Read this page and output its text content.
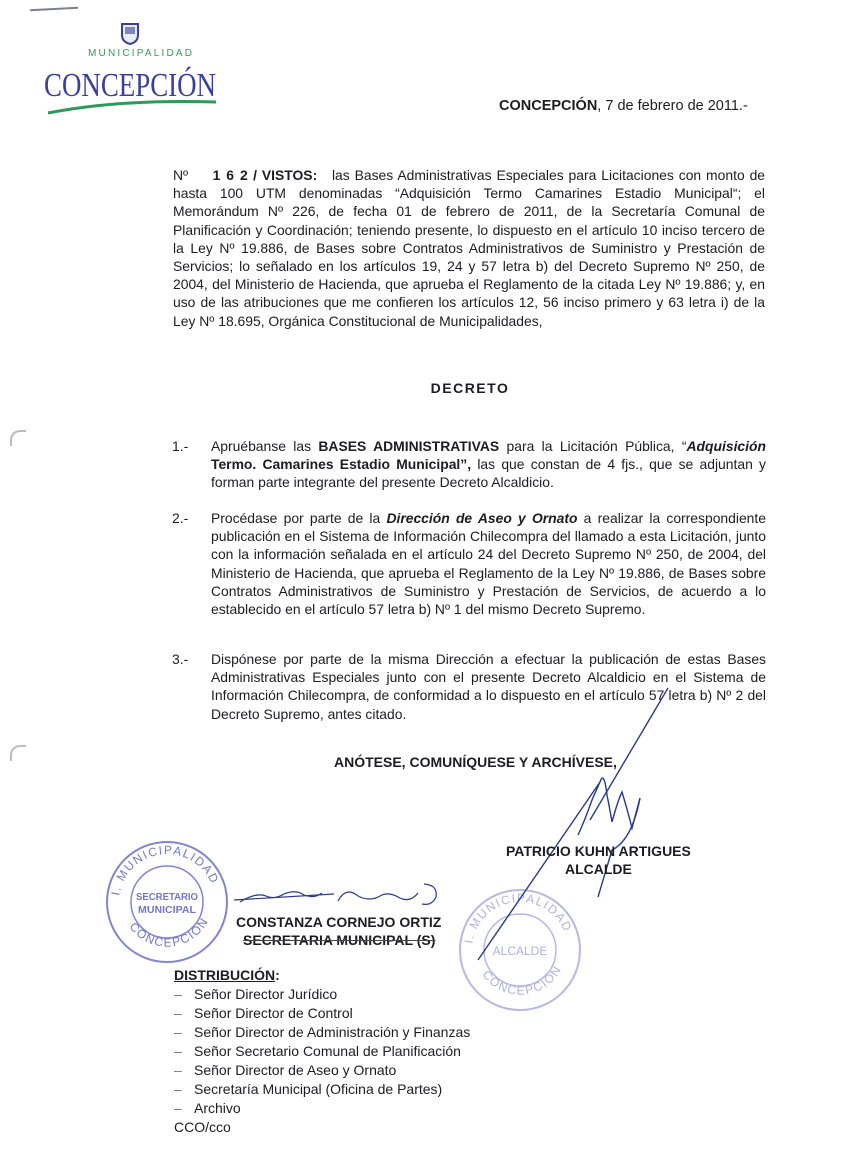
MUNICIPALIDAD
CONCEPCIÓN
CONCEPCIÓN, 7 de febrero de 2011.-
Nº 1 6 2 / VISTOS: las Bases Administrativas Especiales para Licitaciones con monto de hasta 100 UTM denominadas “Adquisición Termo Camarines Estadio Municipal“; el Memorándum Nº 226, de fecha 01 de febrero de 2011, de la Secretaría Comunal de Planificación y Coordinación; teniendo presente, lo dispuesto en el artículo 10 inciso tercero de la Ley Nº 19.886, de Bases sobre Contratos Administrativos de Suministro y Prestación de Servicios; lo señalado en los artículos 19, 24 y 57 letra b) del Decreto Supremo Nº 250, de 2004, del Ministerio de Hacienda, que aprueba el Reglamento de la citada Ley Nº 19.886; y, en uso de las atribuciones que me confieren los artículos 12, 56 inciso primero y 63 letra i) de la Ley Nº 18.695, Orgánica Constitucional de Municipalidades,
DECRETO
1.-	Apruébanse las BASES ADMINISTRATIVAS para la Licitación Pública, “Adquisición Termo. Camarines Estadio Municipal”, las que constan de 4 fjs., que se adjuntan y forman parte integrante del presente Decreto Alcaldicio.
2.-	Procédase por parte de la Dirección de Aseo y Ornato a realizar la correspondiente publicación en el Sistema de Información Chilecompra del llamado a esta Licitación, junto con la información señalada en el artículo 24 del Decreto Supremo Nº 250, de 2004, del Ministerio de Hacienda, que aprueba el Reglamento de la Ley Nº 19.886, de Bases sobre Contratos Administrativos de Suministro y Prestación de Servicios, de acuerdo a lo establecido en el artículo 57 letra b) Nº 1 del mismo Decreto Supremo.
3.-	Dispónese por parte de la misma Dirección a efectuar la publicación de estas Bases Administrativas Especiales junto con el presente Decreto Alcaldicio en el Sistema de Información Chilecompra, de conformidad a lo dispuesto en el artículo 57 letra b) Nº 2 del Decreto Supremo, antes citado.
ANÓTESE, COMUNÍQUESE Y ARCHÍVESE,
I. MUNICIPALIDAD
CONCEPCION
SECRETARIO
MUNICIPAL
I. MUNICIPALIDAD
CONCEPCION
ALCALDE
PATRICIO KUHN ARTIGUES
ALCALDE
CONSTANZA CORNEJO ORTIZ
SECRETARIA MUNICIPAL (S)
DISTRIBUCIÓN:
– Señor Director Jurídico
– Señor Director de Control
– Señor Director de Administración y Finanzas
– Señor Secretario Comunal de Planificación
– Señor Director de Aseo y Ornato
– Secretaría Municipal (Oficina de Partes)
– Archivo
CCO/cco
